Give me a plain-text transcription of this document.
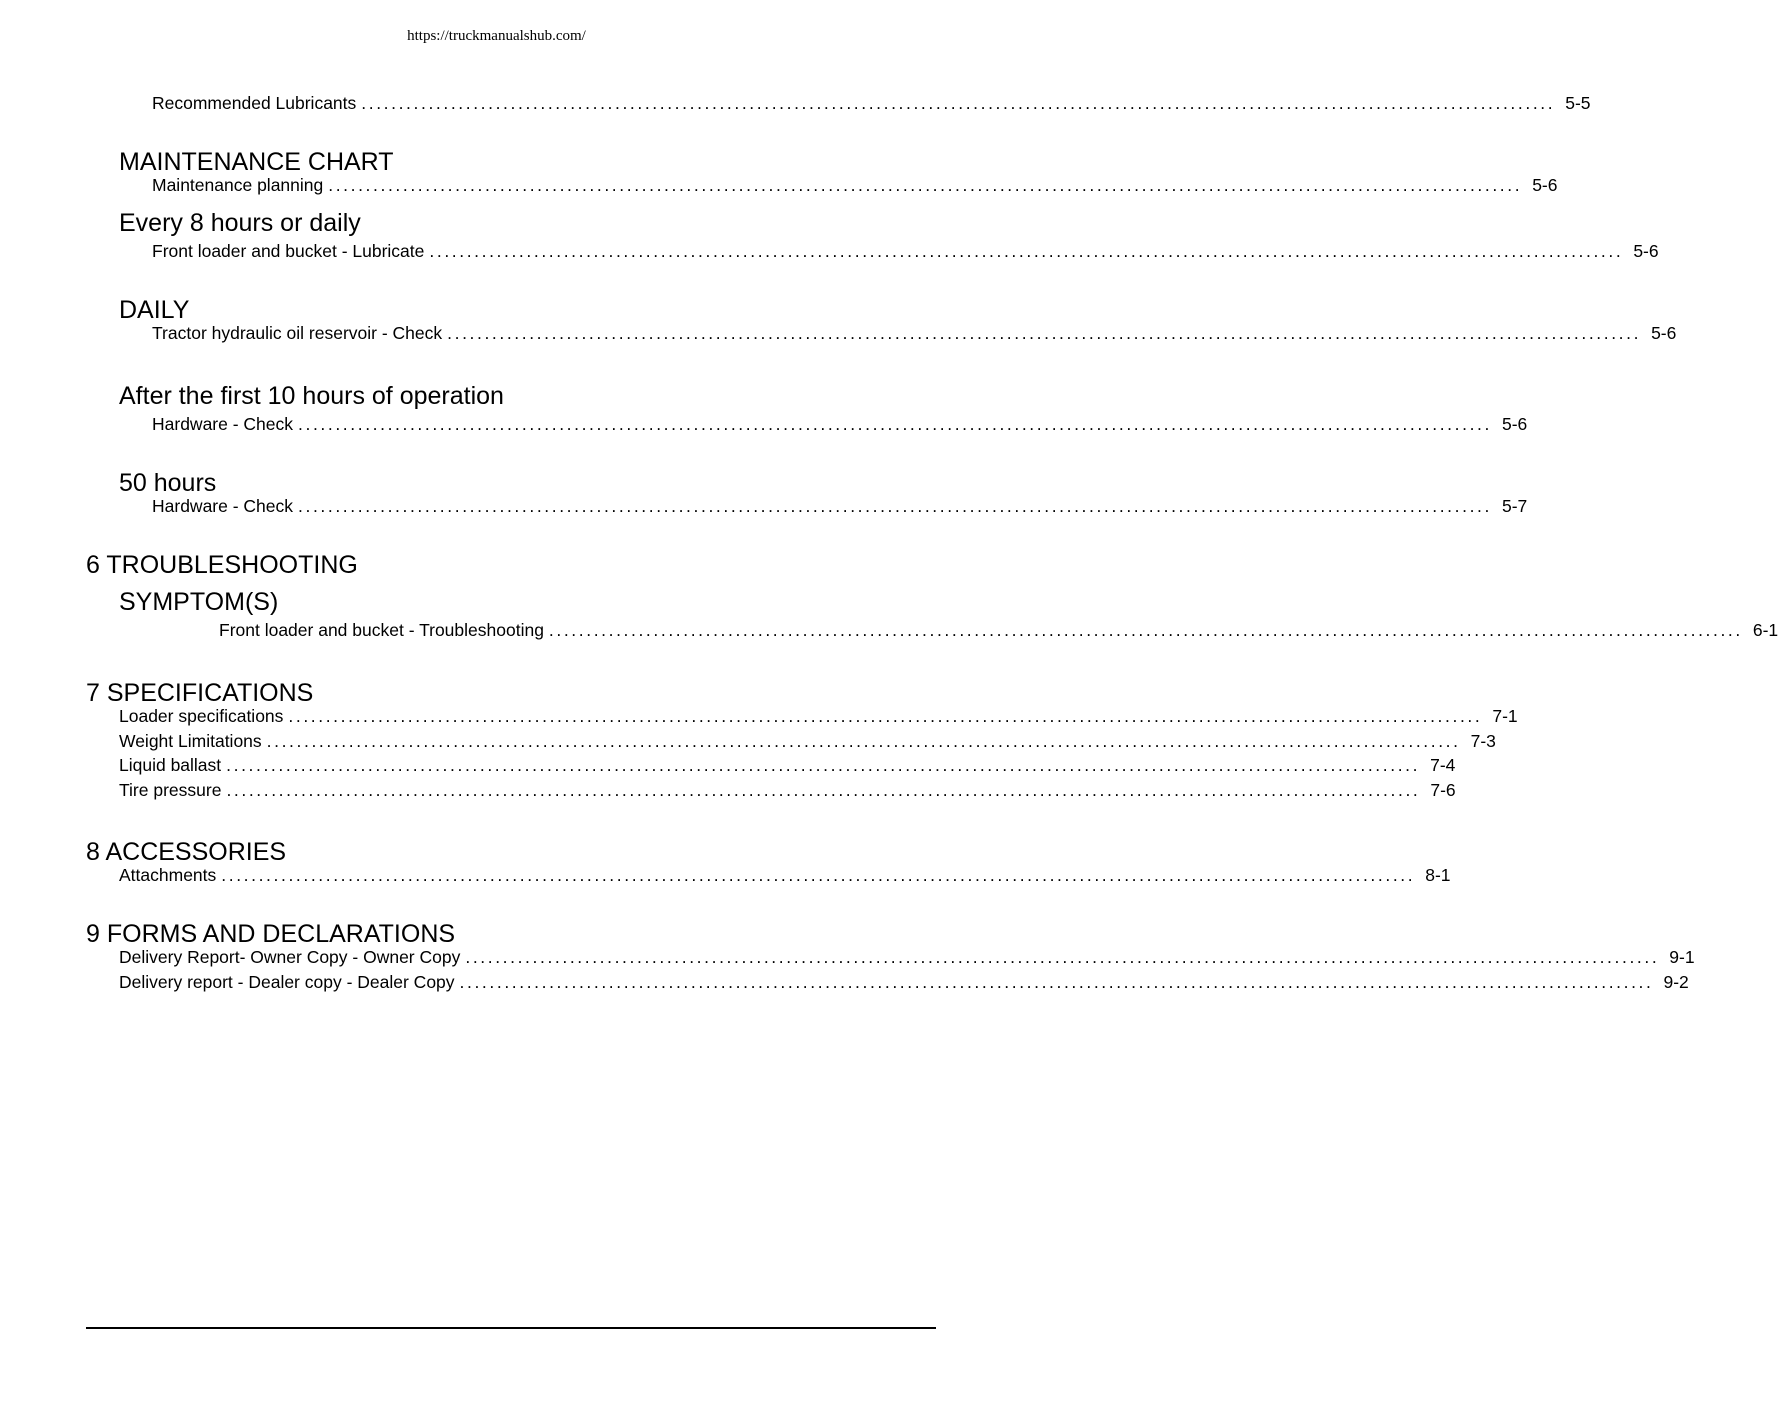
https://truckmanualshub.com/
Recommended Lubricants ................................................................................................................................................................ 5-5
MAINTENANCE CHART
Maintenance planning ................................................................................................................................................................ 5-6
Every 8 hours or daily
Front loader and bucket - Lubricate ................................................................................................................................................................ 5-6
DAILY
Tractor hydraulic oil reservoir - Check ................................................................................................................................................................ 5-6
After the first 10 hours of operation
Hardware - Check ................................................................................................................................................................ 5-6
50 hours
Hardware - Check ................................................................................................................................................................ 5-7
6 TROUBLESHOOTING
SYMPTOM(S)
Front loader and bucket - Troubleshooting ................................................................................................................................................................ 6-1
7 SPECIFICATIONS
Loader specifications ................................................................................................................................................................ 7-1
Weight Limitations ................................................................................................................................................................ 7-3
Liquid ballast ................................................................................................................................................................ 7-4
Tire pressure ................................................................................................................................................................ 7-6
8 ACCESSORIES
Attachments ................................................................................................................................................................ 8-1
9 FORMS AND DECLARATIONS
Delivery Report- Owner Copy - Owner Copy ................................................................................................................................................................ 9-1
Delivery report - Dealer copy - Dealer Copy ................................................................................................................................................................ 9-2
